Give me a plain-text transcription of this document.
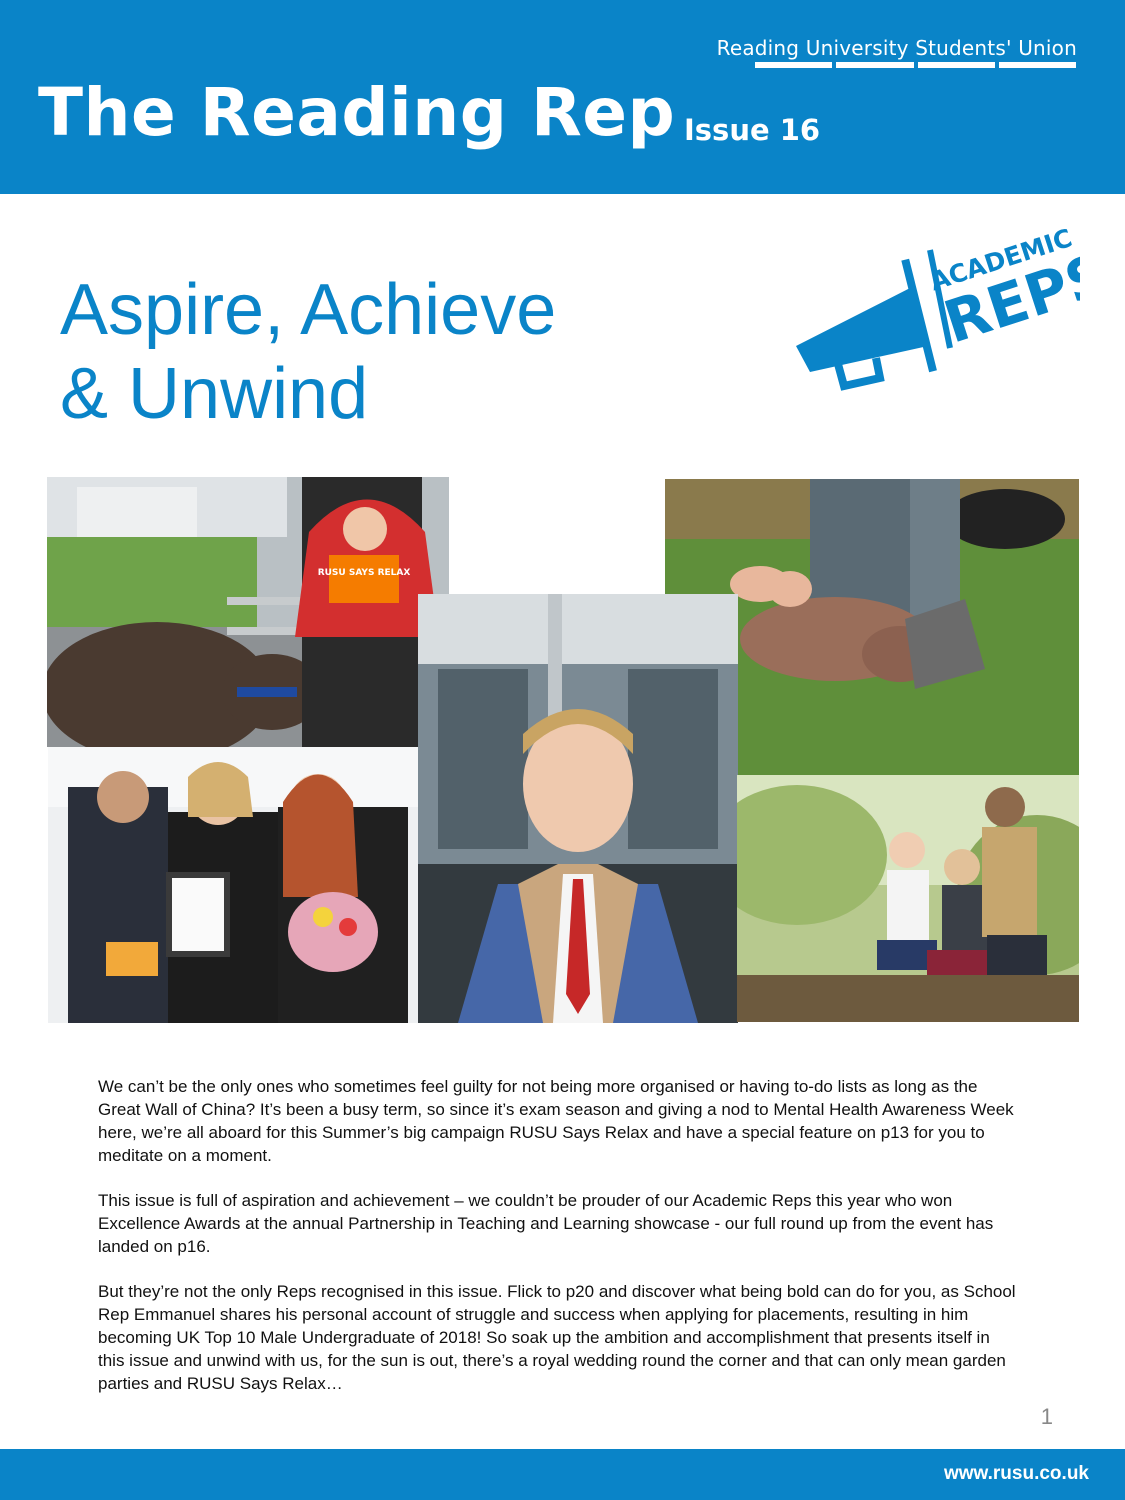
Reading University Students' Union
The Reading Rep Issue 16
Aspire, Achieve
& Unwind
ACADEMIC
REPS
RUSU SAYS RELAX

We can’t be the only ones who sometimes feel guilty for not being more organised or having to-do lists as long as the Great Wall of China? It’s been a busy term, so since it’s exam season and giving a nod to Mental Health Awareness Week here, we’re all aboard for this Summer’s big campaign RUSU Says Relax and have a special feature on p13 for you to meditate on a moment.

This issue is full of aspiration and achievement – we couldn’t be prouder of our Academic Reps this year who won Excellence Awards at the annual Partnership in Teaching and Learning showcase - our full round up from the event has landed on p16.

But they’re not the only Reps recognised in this issue. Flick to p20 and discover what being bold can do for you, as School Rep Emmanuel shares his personal account of struggle and success when applying for placements, resulting in him becoming UK Top 10 Male Undergraduate of 2018! So soak up the ambition and accomplishment that presents itself in this issue and unwind with us, for the sun is out, there’s a royal wedding round the corner and that can only mean garden parties and RUSU Says Relax…

1
www.rusu.co.uk
